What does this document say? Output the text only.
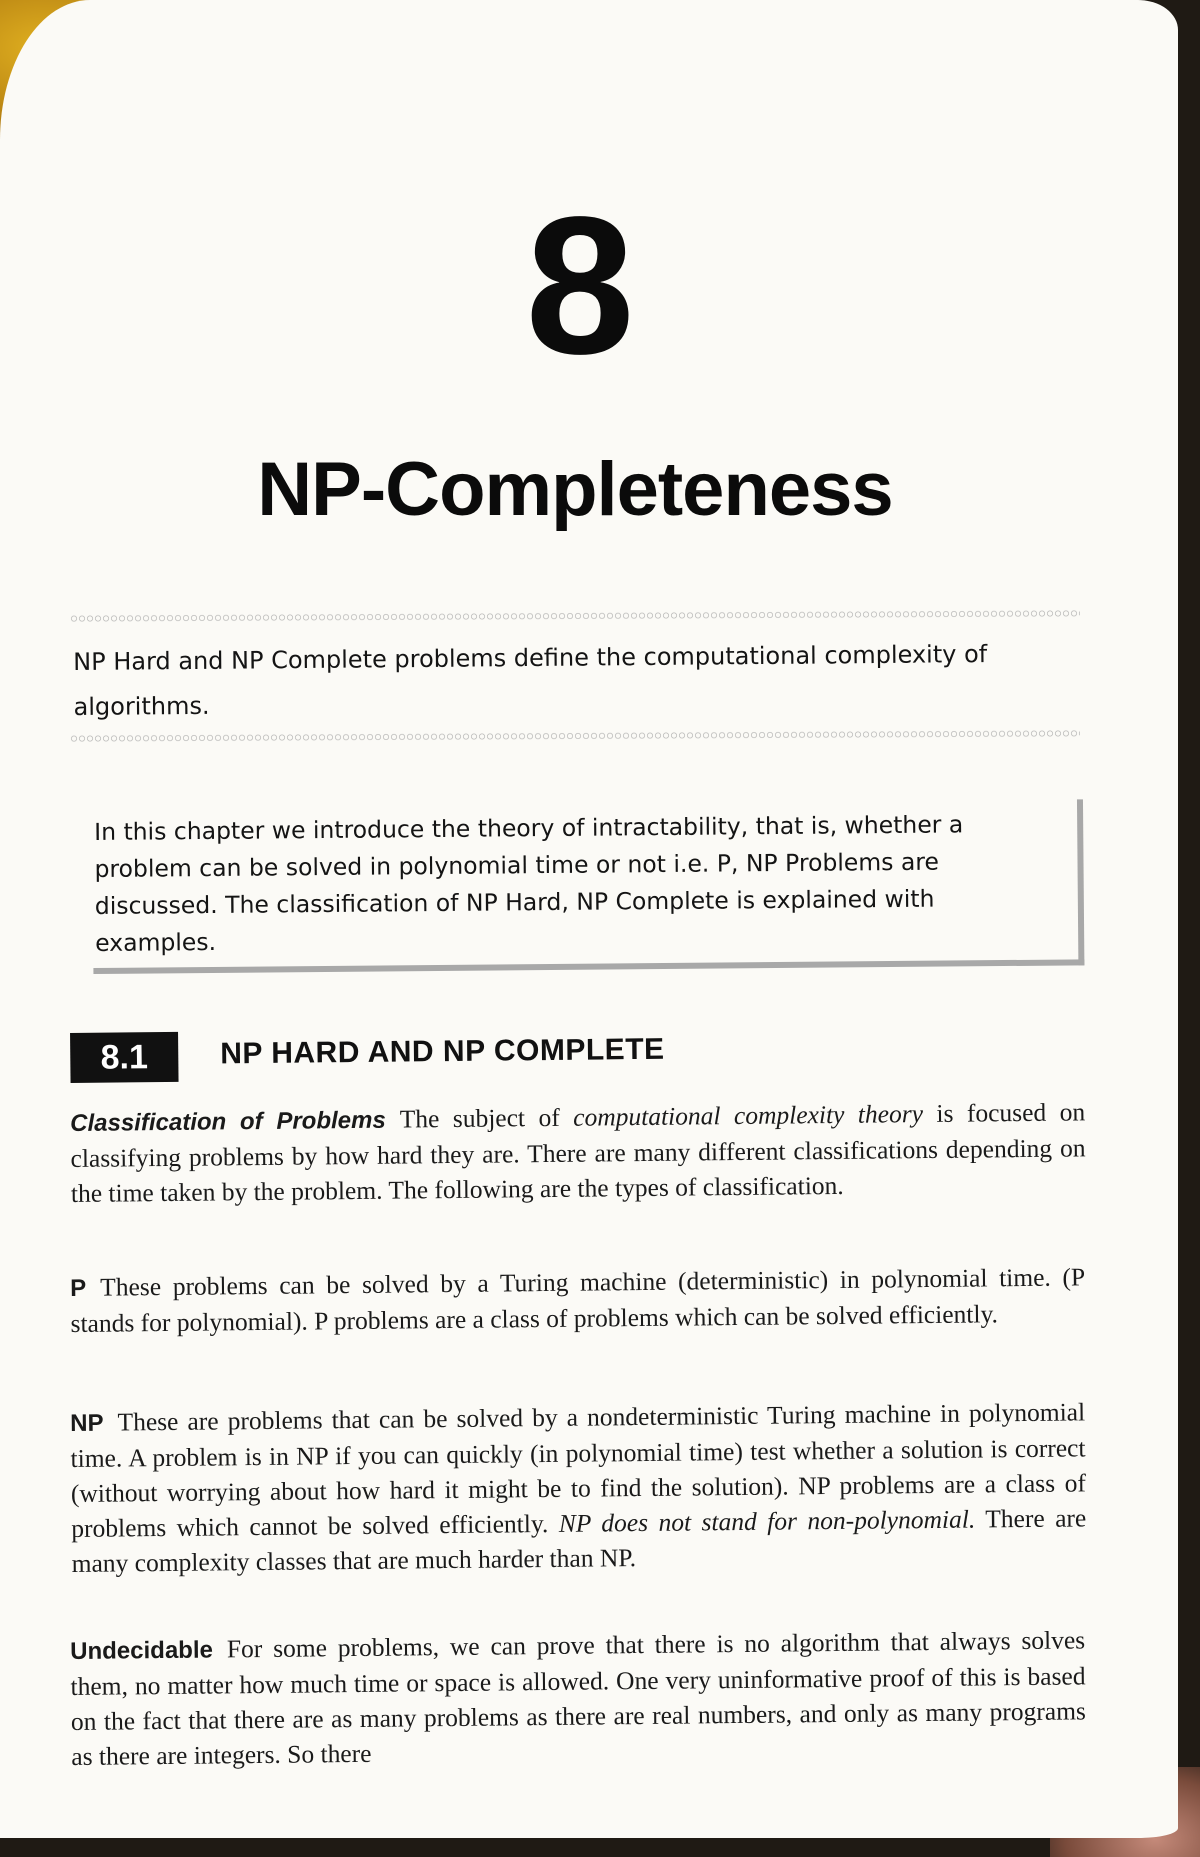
8
NP-Completeness
NP Hard and NP Complete problems define the computational complexity of algorithms.
In this chapter we introduce the theory of intractability, that is, whether a problem can be solved in polynomial time or not i.e. P, NP Problems are discussed. The classification of NP Hard, NP Complete is explained with examples.
8.1	NP HARD AND NP COMPLETE
Classification of Problems The subject of computational complexity theory is focused on classifying problems by how hard they are. There are many different classifications depending on the time taken by the problem. The following are the types of classification.
P These problems can be solved by a Turing machine (deterministic) in polynomial time. (P stands for polynomial). P problems are a class of problems which can be solved efficiently.
NP These are problems that can be solved by a nondeterministic Turing machine in polynomial time. A problem is in NP if you can quickly (in polynomial time) test whether a solution is correct (without worrying about how hard it might be to find the solution). NP problems are a class of problems which cannot be solved efficiently. NP does not stand for non-polynomial. There are many complexity classes that are much harder than NP.
Undecidable For some problems, we can prove that there is no algorithm that always solves them, no matter how much time or space is allowed. One very uninformative proof of this is based on the fact that there are as many problems as there are real numbers, and only as many programs as there are integers. So there
